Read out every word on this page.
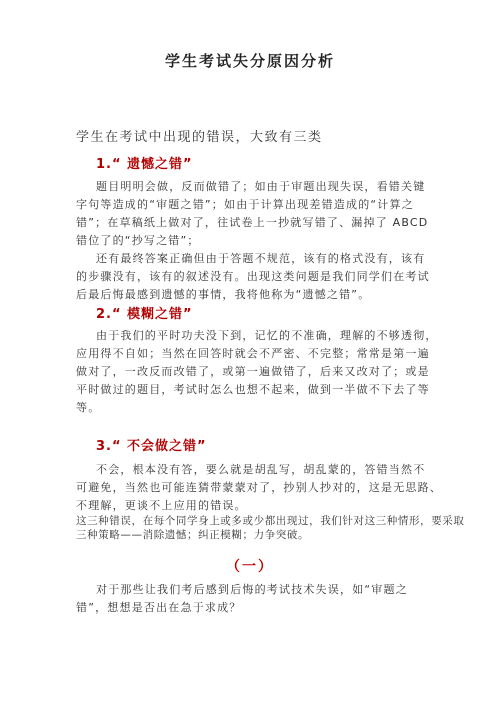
学生考试失分原因分析
学生在考试中出现的错误，大致有三类
1.“ 遗憾之错”
题目明明会做，反而做错了；如由于审题出现失误，看错关键
字句等造成的“审题之错”；如由于计算出现差错造成的“计算之
错”；在草稿纸上做对了，往试卷上一抄就写错了、漏掉了 ABCD
错位了的“抄写之错”；
还有最终答案正确但由于答题不规范，该有的格式没有，该有
的步骤没有，该有的叙述没有。出现这类问题是我们同学们在考试
后最后悔最感到遗憾的事情，我将他称为“遗憾之错”。
2.“ 模糊之错”
由于我们的平时功夫没下到，记忆的不准确，理解的不够透彻，
应用得不自如；当然在回答时就会不严密、不完整；常常是第一遍
做对了，一改反而改错了，或第一遍做错了，后来又改对了；或是
平时做过的题目，考试时怎么也想不起来，做到一半做不下去了等
等。
3.“ 不会做之错”
不会，根本没有答，要么就是胡乱写，胡乱蒙的，答错当然不
可避免，当然也可能连猜带蒙蒙对了，抄别人抄对的，这是无思路、
不理解，更谈不上应用的错误。
这三种错误，在每个同学身上或多或少都出现过，我们针对这三种情形，要采取
三种策略——消除遗憾；纠正模糊；力争突破。
（一）
对于那些让我们考后感到后悔的考试技术失误，如“审题之
错”，想想是否出在急于求成？
